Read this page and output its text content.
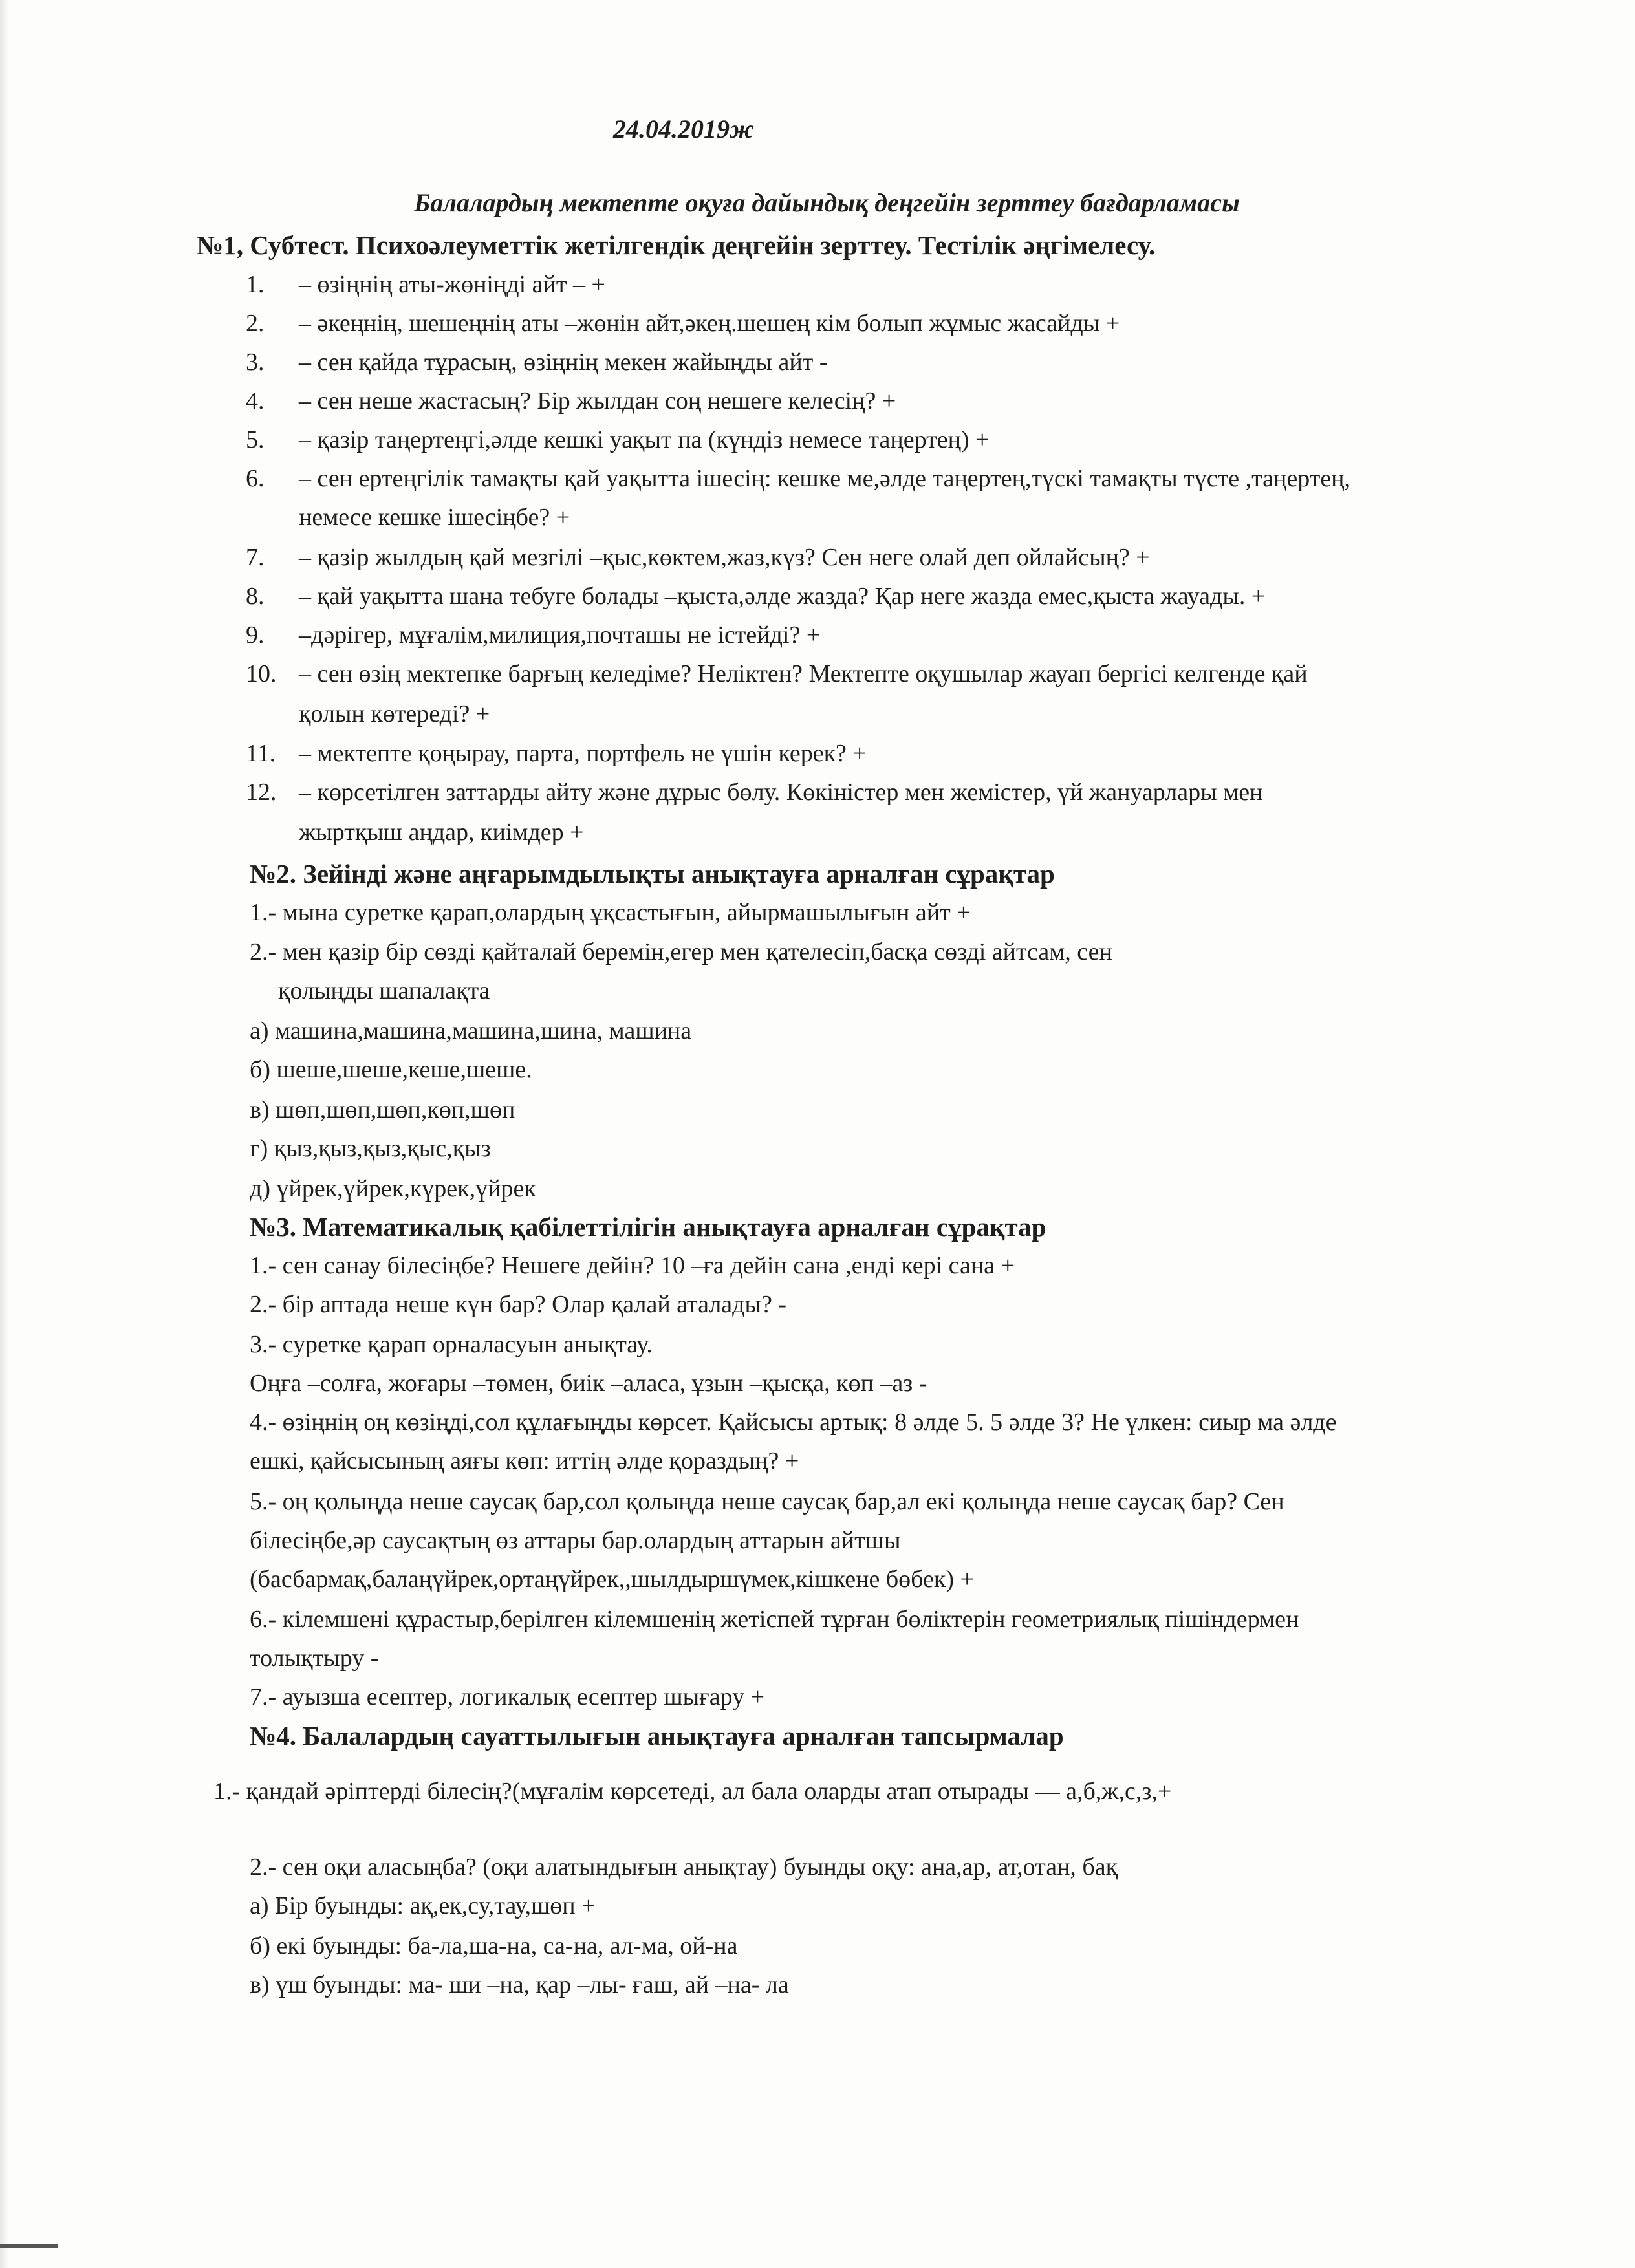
24.04.2019ж
Балалардың мектепте оқуға дайындық деңгейін зерттеу бағдарламасы
№1, Субтест. Психоәлеуметтік жетілгендік деңгейін зерттеу. Тестілік әңгімелесу.
1. – өзіңнің аты-жөніңді айт – +
2. – әкеңнің, шешеңнің аты –жөнін айт,әкең.шешең кім болып жұмыс жасайды +
3. – сен қайда тұрасың, өзіңнің мекен жайыңды айт -
4. – сен неше жастасың? Бір жылдан соң нешеге келесің? +
5. – қазір таңертеңгі,әлде кешкі уақыт па (күндіз немесе таңертең) +
6. – сен ертеңгілік тамақты қай уақытта ішесің: кешке ме,әлде таңертең,түскі тамақты түсте ,таңертең,
немесе кешке ішесіңбе? +
7. – қазір жылдың қай мезгілі –қыс,көктем,жаз,күз? Сен неге олай деп ойлайсың? +
8. – қай уақытта шана тебуге болады –қыста,әлде жазда? Қар неге жазда емес,қыста жауады. +
9. –дәрігер, мұғалім,милиция,почташы не істейді? +
10. – сен өзің мектепке барғың келедіме? Неліктен? Мектепте оқушылар жауап бергісі келгенде қай
қолын көтереді? +
11. – мектепте қоңырау, парта, портфель не үшін керек? +
12. – көрсетілген заттарды айту және дұрыс бөлу. Көкіністер мен жемістер, үй жануарлары мен
жыртқыш аңдар, киімдер +
№2. Зейінді және аңғарымдылықты анықтауға арналған сұрақтар
1.- мына суретке қарап,олардың ұқсастығын, айырмашылығын айт +
2.- мен қазір бір сөзді қайталай беремін,егер мен қателесіп,басқа сөзді айтсам, сен
қолыңды шапалақта
а) машина,машина,машина,шина, машина
б) шеше,шеше,кеше,шеше.
в) шөп,шөп,шөп,көп,шөп
г) қыз,қыз,қыз,қыс,қыз
д) үйрек,үйрек,күрек,үйрек
№3. Математикалық қабілеттілігін анықтауға арналған сұрақтар
1.- сен санау білесіңбе? Нешеге дейін? 10 –ға дейін сана ,енді кері сана +
2.- бір аптада неше күн бар? Олар қалай аталады? -
3.- суретке қарап орналасуын анықтау.
Оңға –солға, жоғары –төмен, биік –аласа, ұзын –қысқа, көп –аз -
4.- өзіңнің оң көзіңді,сол құлағыңды көрсет. Қайсысы артық: 8 әлде 5. 5 әлде 3? Не үлкен: сиыр ма әлде
ешкі, қайсысының аяғы көп: иттің әлде қораздың? +
5.- оң қолыңда неше саусақ бар,сол қолыңда неше саусақ бар,ал екі қолыңда неше саусақ бар? Сен
білесіңбе,әр саусақтың өз аттары бар.олардың аттарын айтшы
(басбармақ,балаңүйрек,ортаңүйрек,,шылдыршүмек,кішкене бөбек) +
6.- кілемшені құрастыр,берілген кілемшенің жетіспей тұрған бөліктерін геометриялық пішіндермен
толықтыру -
7.- ауызша есептер, логикалық есептер шығару +
№4. Балалардың сауаттылығын анықтауға арналған тапсырмалар
1.- қандай әріптерді білесің?(мұғалім көрсетеді, ал бала оларды атап отырады — а,б,ж,с,з,+
2.- сен оқи аласыңба? (оқи алатындығын анықтау) буынды оқу: ана,ар, ат,отан, бақ
а) Бір буынды: ақ,ек,су,тау,шөп +
б) екі буынды: ба-ла,ша-на, са-на, ал-ма, ой-на
в) үш буынды: ма- ши –на, қар –лы- ғаш, ай –на- ла
